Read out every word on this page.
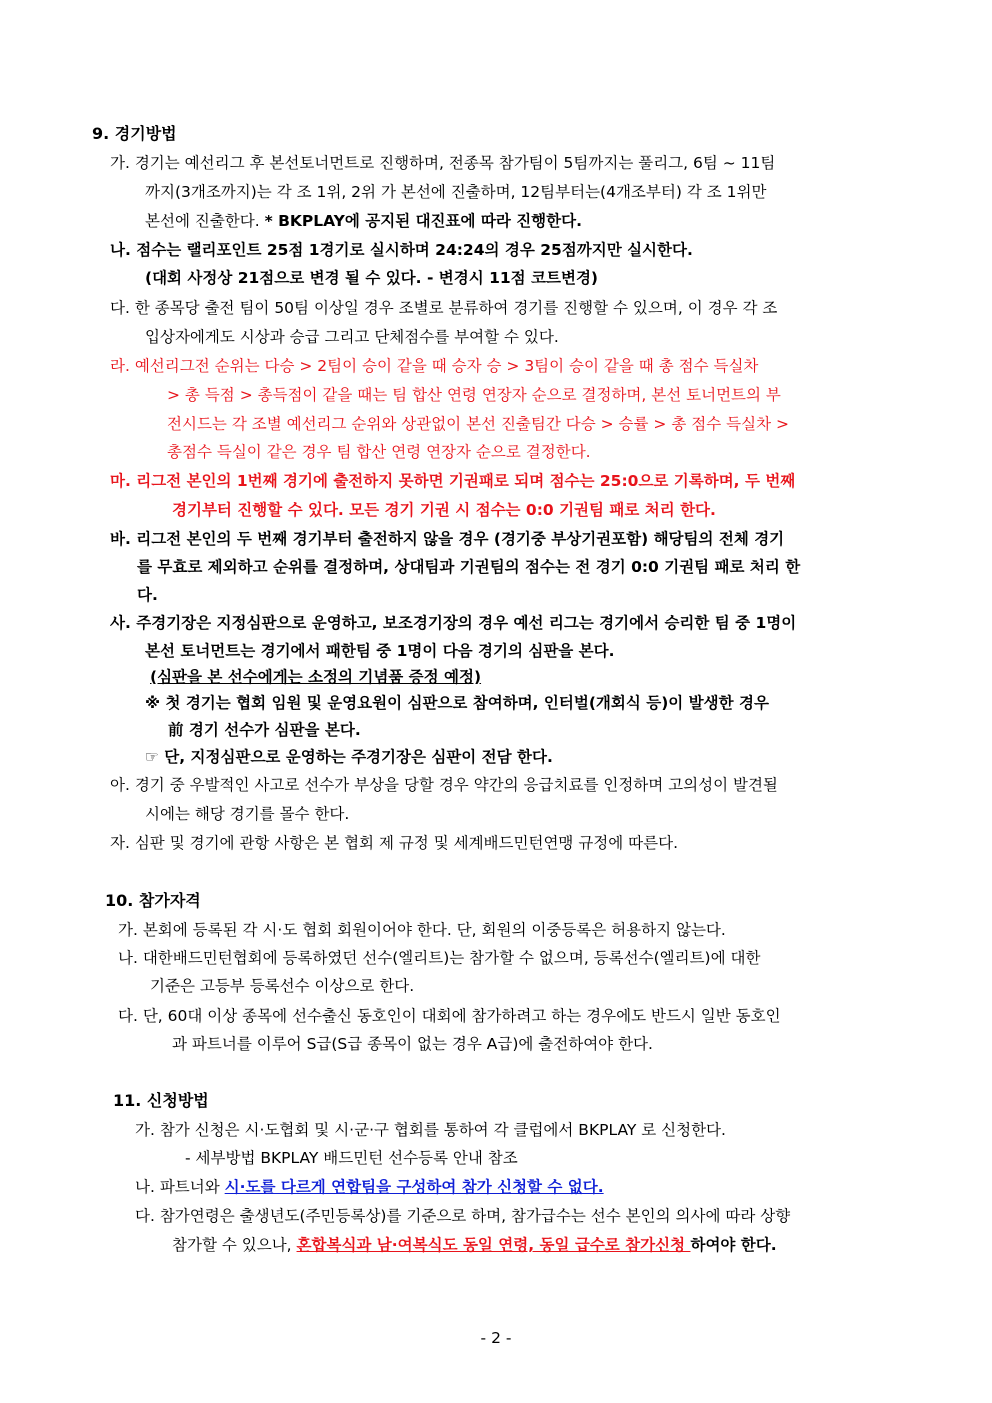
9. 경기방법
가. 경기는 예선리그 후 본선토너먼트로 진행하며, 전종목 참가팀이 5팀까지는 풀리그, 6팀 ~ 11팀
까지(3개조까지)는 각 조 1위, 2위 가 본선에 진출하며, 12팀부터는(4개조부터) 각 조 1위만
본선에 진출한다. * BKPLAY에 공지된 대진표에 따라 진행한다.
나. 점수는 랠리포인트 25점 1경기로 실시하며 24:24의 경우 25점까지만 실시한다.
(대회 사정상 21점으로 변경 될 수 있다. - 변경시 11점 코트변경)
다. 한 종목당 출전 팀이 50팀 이상일 경우 조별로 분류하여 경기를 진행할 수 있으며, 이 경우 각 조
입상자에게도 시상과 승급 그리고 단체점수를 부여할 수 있다.
라. 예선리그전 순위는 다승 > 2팀이 승이 같을 때 승자 승 > 3팀이 승이 같을 때 총 점수 득실차
> 총 득점 > 총득점이 같을 때는 팀 합산 연령 연장자 순으로 결정하며, 본선 토너먼트의 부
전시드는 각 조별 예선리그 순위와 상관없이 본선 진출팀간 다승 > 승률 > 총 점수 득실차 >
총점수 득실이 같은 경우 팀 합산 연령 연장자 순으로 결정한다.
마. 리그전 본인의 1번째 경기에 출전하지 못하면 기권패로 되며 점수는 25:0으로 기록하며, 두 번째
경기부터 진행할 수 있다. 모든 경기 기권 시 점수는 0:0 기권팀 패로 처리 한다.
바. 리그전 본인의 두 번째 경기부터 출전하지 않을 경우 (경기중 부상기권포함) 해당팀의 전체 경기
를 무효로 제외하고 순위를 결정하며, 상대팀과 기권팀의 점수는 전 경기 0:0 기권팀 패로 처리 한
다.
사. 주경기장은 지정심판으로 운영하고, 보조경기장의 경우 예선 리그는 경기에서 승리한 팀 중 1명이
본선 토너먼트는 경기에서 패한팀 중 1명이 다음 경기의 심판을 본다.
(심판을 본 선수에게는 소정의 기념품 증정 예정)
※ 첫 경기는 협회 임원 및 운영요원이 심판으로 참여하며, 인터벌(개회식 등)이 발생한 경우
前 경기 선수가 심판을 본다.
☞ 단, 지정심판으로 운영하는 주경기장은 심판이 전담 한다.
아. 경기 중 우발적인 사고로 선수가 부상을 당할 경우 약간의 응급치료를 인정하며 고의성이 발견될
시에는 해당 경기를 몰수 한다.
자. 심판 및 경기에 관항 사항은 본 협회 제 규정 및 세계배드민턴연맹 규정에 따른다.
10. 참가자격
가. 본회에 등록된 각 시·도 협회 회원이어야 한다. 단, 회원의 이중등록은 허용하지 않는다.
나. 대한배드민턴협회에 등록하였던 선수(엘리트)는 참가할 수 없으며, 등록선수(엘리트)에 대한
기준은 고등부 등록선수 이상으로 한다.
다. 단, 60대 이상 종목에 선수출신 동호인이 대회에 참가하려고 하는 경우에도 반드시 일반 동호인
과 파트너를 이루어 S급(S급 종목이 없는 경우 A급)에 출전하여야 한다.
11. 신청방법
가. 참가 신청은 시·도협회 및 시·군·구 협회를 통하여 각 클럽에서 BKPLAY 로 신청한다.
- 세부방법 BKPLAY 배드민턴 선수등록 안내 참조
나. 파트너와 시·도를 다르게 연합팀을 구성하여 참가 신청할 수 없다.
다. 참가연령은 출생년도(주민등록상)를 기준으로 하며, 참가급수는 선수 본인의 의사에 따라 상향
참가할 수 있으나, 혼합복식과 남·여복식도 동일 연령, 동일 급수로 참가신청 하여야 한다.
- 2 -
